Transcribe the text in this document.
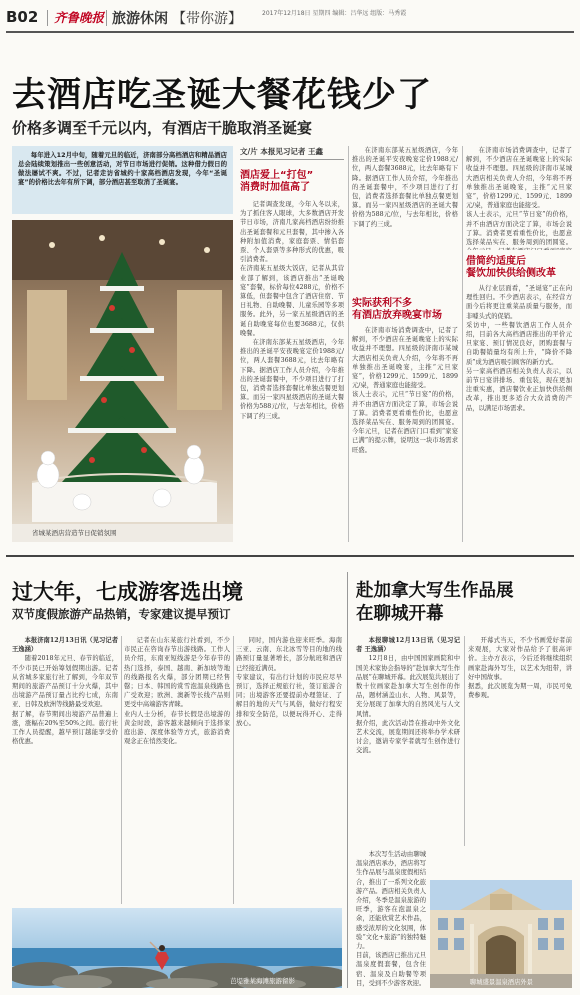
B02 齐鲁晚报 旅游休闲 【带你游】	2017年12月18日 星期四 编辑：吕华远 组版：马秀霞
去酒店吃圣诞大餐花钱少了
价格多调至千元以内，有酒店干脆取消圣诞宴
每年进入12月中旬，随着元旦的临近，济南部分高档酒店和精品酒店总会陆续策划推出一些创意活动，对节日市场进行促销。这种借力假日的做法屡试不爽。不过，记者走访省城约十家高档酒店发现，今年“圣诞宴”的价格比去年有所下调，部分酒店甚至取消了圣诞宴。
省城某酒店营造节日促销氛围
文/片 本报见习记者 王鑫
酒店爱上“打包”
消费时加值高了

记者调查发现，今年入冬以来，为了抓住客人眼球，大多数酒店开发节日市场，济南几家高档酒店纷纷推出圣诞套餐和元旦套餐，其中掺入各种附加值消费，家庭套票、情侣套票、个人套票等多种形式的优惠，吸引消费者。
在济南某五星级大饭店，记者从其营业部了解到，该酒店推出“圣诞晚宴”套餐，标价每位4288元，价格不算低，但套餐中包含了酒店住宿、节日礼物、自助晚餐、儿童乐园等多项服务。此外，另一家五星级酒店的圣诞自助晚宴每位也要3688元，仅供晚餐。

在济南东部某五星级酒店，今年推出的圣诞平安夜晚宴定价1988元/位，两人套餐3688元，比去年略有下降。据酒店工作人员介绍，今年推出的圣诞套餐中，不少项目进行了打包，消费者选择套餐比单独点餐更划算。而另一家四星级酒店的圣诞大餐价格为588元/位，与去年相比，价格下调了约三成。

在济南东部某五星级酒店，今年推出的圣诞平安夜晚宴定价1988元/位，两人套餐3688元，比去年略有下降。据酒店工作人员介绍，今年推出的圣诞套餐中，不少项目进行了打包，消费者选择套餐比单独点餐更划算。而另一家四星级酒店的圣诞大餐价格为588元/位，与去年相比，价格下调了约三成。

实际获利不多
有酒店放弃晚宴市场

在济南市场消费调查中，记者了解到，不少酒店在圣诞晚宴上的实际收益并不理想。四星级的济南市某城大酒店相关负责人介绍，今年将不再单独推出圣诞晚宴，主推“元旦家宴”，价格1299元、1599元、1899元/桌，普通家庭也能接受。
该人士表示，元旦“节日宴”的价格，并不由酒店方面决定了算，市场会说了算。消费者更看重性价比，也愿意选择菜品实在、服务周到的团圆宴。今年元旦，记者在酒店门口看到“家宴已满”的提示牌，说明这一块市场需求旺盛。

在济南市场消费调查中，记者了解到，不少酒店在圣诞晚宴上的实际收益并不理想。四星级的济南市某城大酒店相关负责人介绍，今年将不再单独推出圣诞晚宴，主推“元旦家宴”，价格1299元、1599元、1899元/桌，普通家庭也能接受。
该人士表示，元旦“节日宴”的价格，并不由酒店方面决定了算，市场会说了算。消费者更看重性价比，也愿意选择菜品实在、服务周到的团圆宴。

借简约适度后
餐饮加快供给侧改革

从行业层面看，“圣诞宴”正在向理性回归。不少酒店表示，在经营方面今后将更注重菜品质量与服务，而非噱头式的促销。
采访中，一些餐饮酒店工作人员介绍，目前各大高档酒店推出的平价元旦家宴、预订情况良好，团购套餐与自助餐销量均有所上升，“降价不降质”成为酒店吸引顾客的新方式。
另一家高档酒店相关负责人表示，以前节日宴讲排场、重包装，现在更加注重实惠，酒店餐饮业正加快供给侧改革，推出更多适合大众消费的产品，以满足市场需求。

过大年，七成游客选出境
双节度假旅游产品热销，专家建议提早预订

本报济南12月13日讯（见习记者 王逸涵）

随着2018年元旦、春节的临近，不少市民已开始筹划假期出游。记者从省城多家旅行社了解到，今年双节期间的旅游产品预订十分火爆，其中出境游产品预订量占比约七成，东南亚、日韩及欧洲等线路最受欢迎。
据了解，春节期间出境游产品普遍上涨，涨幅在20%至50%之间。旅行社工作人员提醒，越早预订越能享受价格优惠。

记者在山东某旅行社看到，不少市民正在咨询春节出游线路。工作人员介绍，东南亚短线游是今年春节的热门选择，泰国、越南、新加坡等地的线路报名火爆，部分团期已经售罄；日本、韩国的赏雪泡温泉线路也广受欢迎；欧洲、澳新等长线产品则更受中高端游客青睐。
业内人士分析，春节长假是出境游的黄金时段，游客越来越倾向于选择家庭出游、深度体验等方式，旅游消费观念正在悄然变化。

同时，国内游也迎来旺季。海南三亚、云南、东北冰雪等目的地的线路预订量显著增长，部分航班和酒店已经接近满员。
专家建议，有出行计划的市民应尽早预订，选择正规旅行社，签订旅游合同；出境游客还要提前办理签证、了解目的地的天气与风俗，做好行程安排和安全防范，以便玩得开心、走得放心。

芭堤雅某海滩旅游留影
赴加拿大写生作品展
在聊城开幕

本报聊城12月13日讯（见习记者 王逸涵）

12月8日，由中国国家画院和中国美术家协会指导的“赴加拿大写生作品展”在聊城开幕。此次展览共展出了数十位画家赴加拿大写生创作的作品，题材涵盖山水、人物、风景等，充分展现了加拿大的自然风光与人文风情。
据介绍，此次活动旨在推动中外文化艺术交流，展览期间还将举办学术研讨会，邀请专家学者就写生创作进行交流。

开幕式当天，不少书画爱好者前来观展，大家对作品给予了很高评价。主办方表示，今后还将继续组织画家赴海外写生，以艺术为纽带，讲好中国故事。
据悉，此次展览为期一周，市民可免费参观。

本次写生活动由聊城温泉酒店承办，酒店将写生作品展与温泉度假相结合，推出了一系列文化旅游产品。酒店相关负责人介绍，冬季是温泉旅游的旺季，游客在泡温泉之余，还能欣赏艺术作品，感受浓厚的文化氛围，体验“文化+旅游”的独特魅力。
目前，该酒店已推出元旦温泉度假套餐，包含住宿、温泉及自助餐等项目，受到不少游客欢迎。	聊城盛景温泉酒店外景
